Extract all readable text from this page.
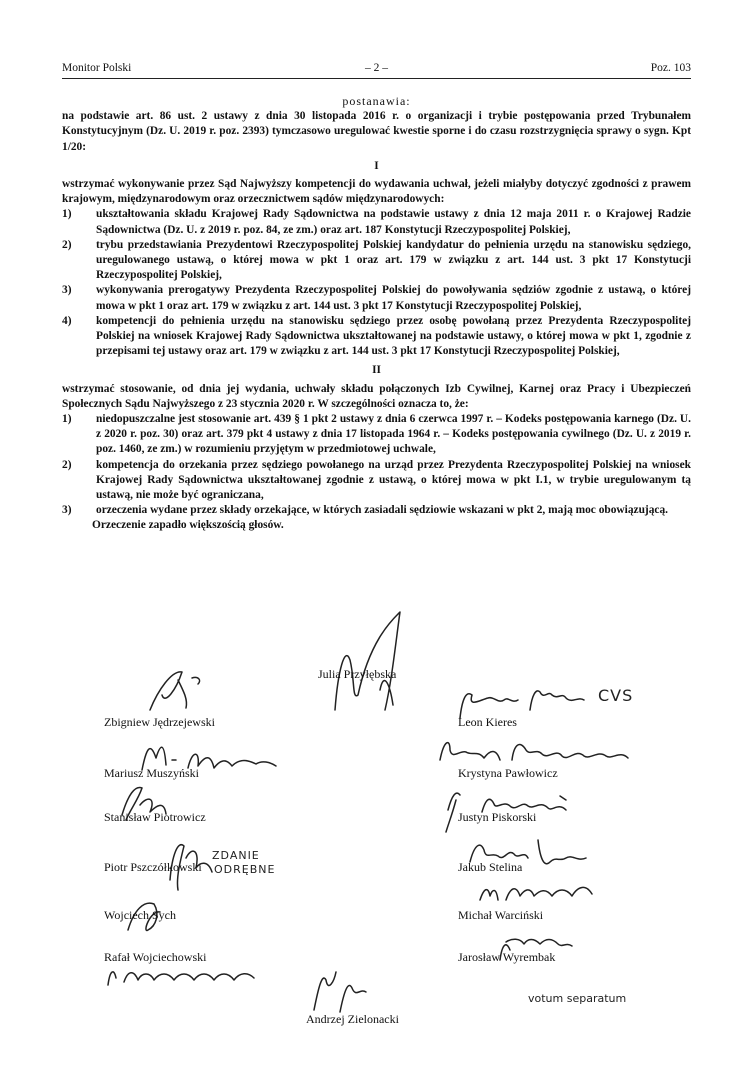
Monitor Polski	– 2 –	Poz. 103
postanawia:

na podstawie art. 86 ust. 2 ustawy z dnia 30 listopada 2016 r. o organizacji i trybie postępowania przed Trybunałem Konstytucyjnym (Dz. U. 2019 r. poz. 2393) tymczasowo uregulować kwestie sporne i do czasu rozstrzygnięcia sprawy o sygn. Kpt 1/20:

I

wstrzymać wykonywanie przez Sąd Najwyższy kompetencji do wydawania uchwał, jeżeli miałyby dotyczyć zgodności z prawem krajowym, międzynarodowym oraz orzecznictwem sądów międzynarodowych:

1)	ukształtowania składu Krajowej Rady Sądownictwa na podstawie ustawy z dnia 12 maja 2011 r. o Krajowej Radzie Sądownictwa (Dz. U. z 2019 r. poz. 84, ze zm.) oraz art. 187 Konstytucji Rzeczypospolitej Polskiej,
2)	trybu przedstawiania Prezydentowi Rzeczypospolitej Polskiej kandydatur do pełnienia urzędu na stanowisku sędziego, uregulowanego ustawą, o której mowa w pkt 1 oraz art. 179 w związku z art. 144 ust. 3 pkt 17 Konstytucji Rzeczypospolitej Polskiej,
3)	wykonywania prerogatywy Prezydenta Rzeczypospolitej Polskiej do powoływania sędziów zgodnie z ustawą, o której mowa w pkt 1 oraz art. 179 w związku z art. 144 ust. 3 pkt 17 Konstytucji Rzeczypospolitej Polskiej,
4)	kompetencji do pełnienia urzędu na stanowisku sędziego przez osobę powołaną przez Prezydenta Rzeczypospolitej Polskiej na wniosek Krajowej Rady Sądownictwa ukształtowanej na podstawie ustawy, o której mowa w pkt 1, zgodnie z przepisami tej ustawy oraz art. 179 w związku z art. 144 ust. 3 pkt 17 Konstytucji Rzeczypospolitej Polskiej,
II

wstrzymać stosowanie, od dnia jej wydania, uchwały składu połączonych Izb Cywilnej, Karnej oraz Pracy i Ubezpieczeń Społecznych Sądu Najwyższego z 23 stycznia 2020 r. W szczególności oznacza to, że:

1)	niedopuszczalne jest stosowanie art. 439 § 1 pkt 2 ustawy z dnia 6 czerwca 1997 r. – Kodeks postępowania karnego (Dz. U. z 2020 r. poz. 30) oraz art. 379 pkt 4 ustawy z dnia 17 listopada 1964 r. – Kodeks postępowania cywilnego (Dz. U. z 2019 r. poz. 1460, ze zm.) w rozumieniu przyjętym w przedmiotowej uchwale,
2)	kompetencja do orzekania przez sędziego powołanego na urząd przez Prezydenta Rzeczypospolitej Polskiej na wniosek Krajowej Rady Sądownictwa ukształtowanej zgodnie z ustawą, o której mowa w pkt I.1, w trybie uregulowanym tą ustawą, nie może być ograniczana,
3)	orzeczenia wydane przez składy orzekające, w których zasiadali sędziowie wskazani w pkt 2, mają moc obowiązującą.

Orzeczenie zapadło większością głosów.

ZDANIE
ODRĘBNE
CVS
votum separatum
Julia Przyłębska
Zbigniew Jędrzejewski	Leon Kieres
Mariusz Muszyński	Krystyna Pawłowicz
Stanisław Piotrowicz	Justyn Piskorski
Piotr Pszczółkowski	Jakub Stelina
Wojciech Sych	Michał Warciński
Rafał Wojciechowski	Jarosław Wyrembak
Andrzej Zielonacki
